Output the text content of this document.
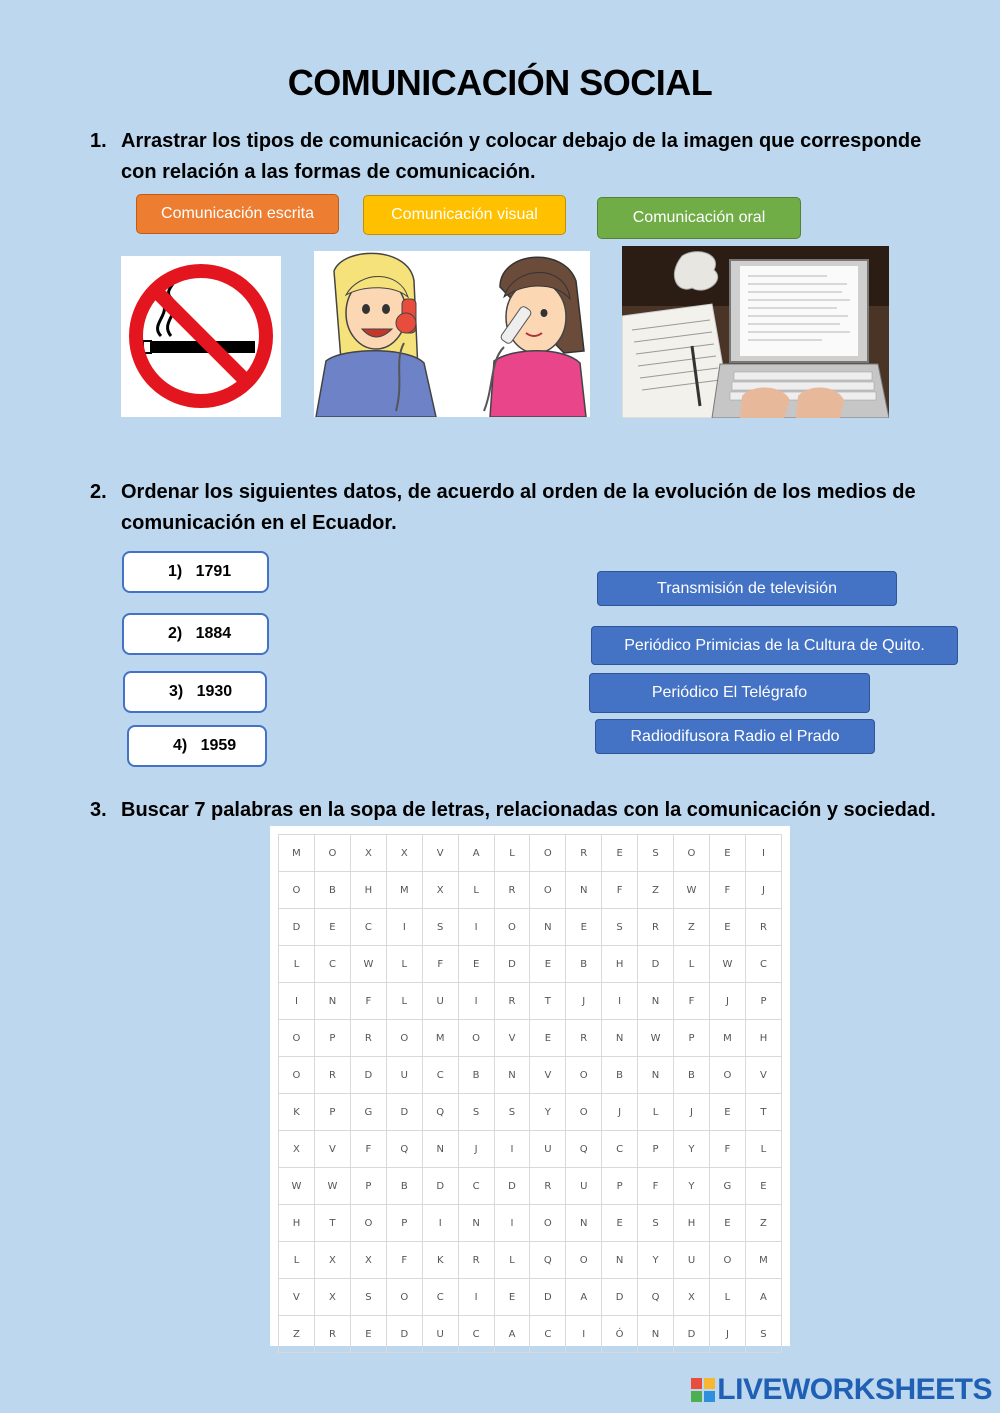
COMUNICACIÓN SOCIAL
1. Arrastrar los tipos de comunicación y colocar debajo de la imagen que corresponde con relación a las formas de comunicación.
Comunicación escrita	Comunicación visual	Comunicación oral
2. Ordenar los siguientes datos, de acuerdo al orden de la evolución de los medios de comunicación en el Ecuador.
1)   1791
2)   1884
3)   1930
4)   1959
Transmisión de televisión
Periódico Primicias de la Cultura de Quito.
Periódico El Telégrafo
Radiodifusora Radio el Prado
3. Buscar 7 palabras en la sopa de letras, relacionadas con la comunicación y sociedad.
M	O	X	X	V	A	L	O	R	E	S	O	E	I
O	B	H	M	X	L	R	O	N	F	Z	W	F	J
D	E	C	I	S	I	O	N	E	S	R	Z	E	R
L	C	W	L	F	E	D	E	B	H	D	L	W	C
I	N	F	L	U	I	R	T	J	I	N	F	J	P
O	P	R	O	M	O	V	E	R	N	W	P	M	H
O	R	D	U	C	B	N	V	O	B	N	B	O	V
K	P	G	D	Q	S	S	Y	O	J	L	J	E	T
X	V	F	Q	N	J	I	U	Q	C	P	Y	F	L
W	W	P	B	D	C	D	R	U	P	F	Y	G	E
H	T	O	P	I	N	I	O	N	E	S	H	E	Z
L	X	X	F	K	R	L	Q	O	N	Y	U	O	M
V	X	S	O	C	I	E	D	A	D	Q	X	L	A
Z	R	E	D	U	C	A	C	I	Ó	N	D	J	S
LIVEWORKSHEETS
